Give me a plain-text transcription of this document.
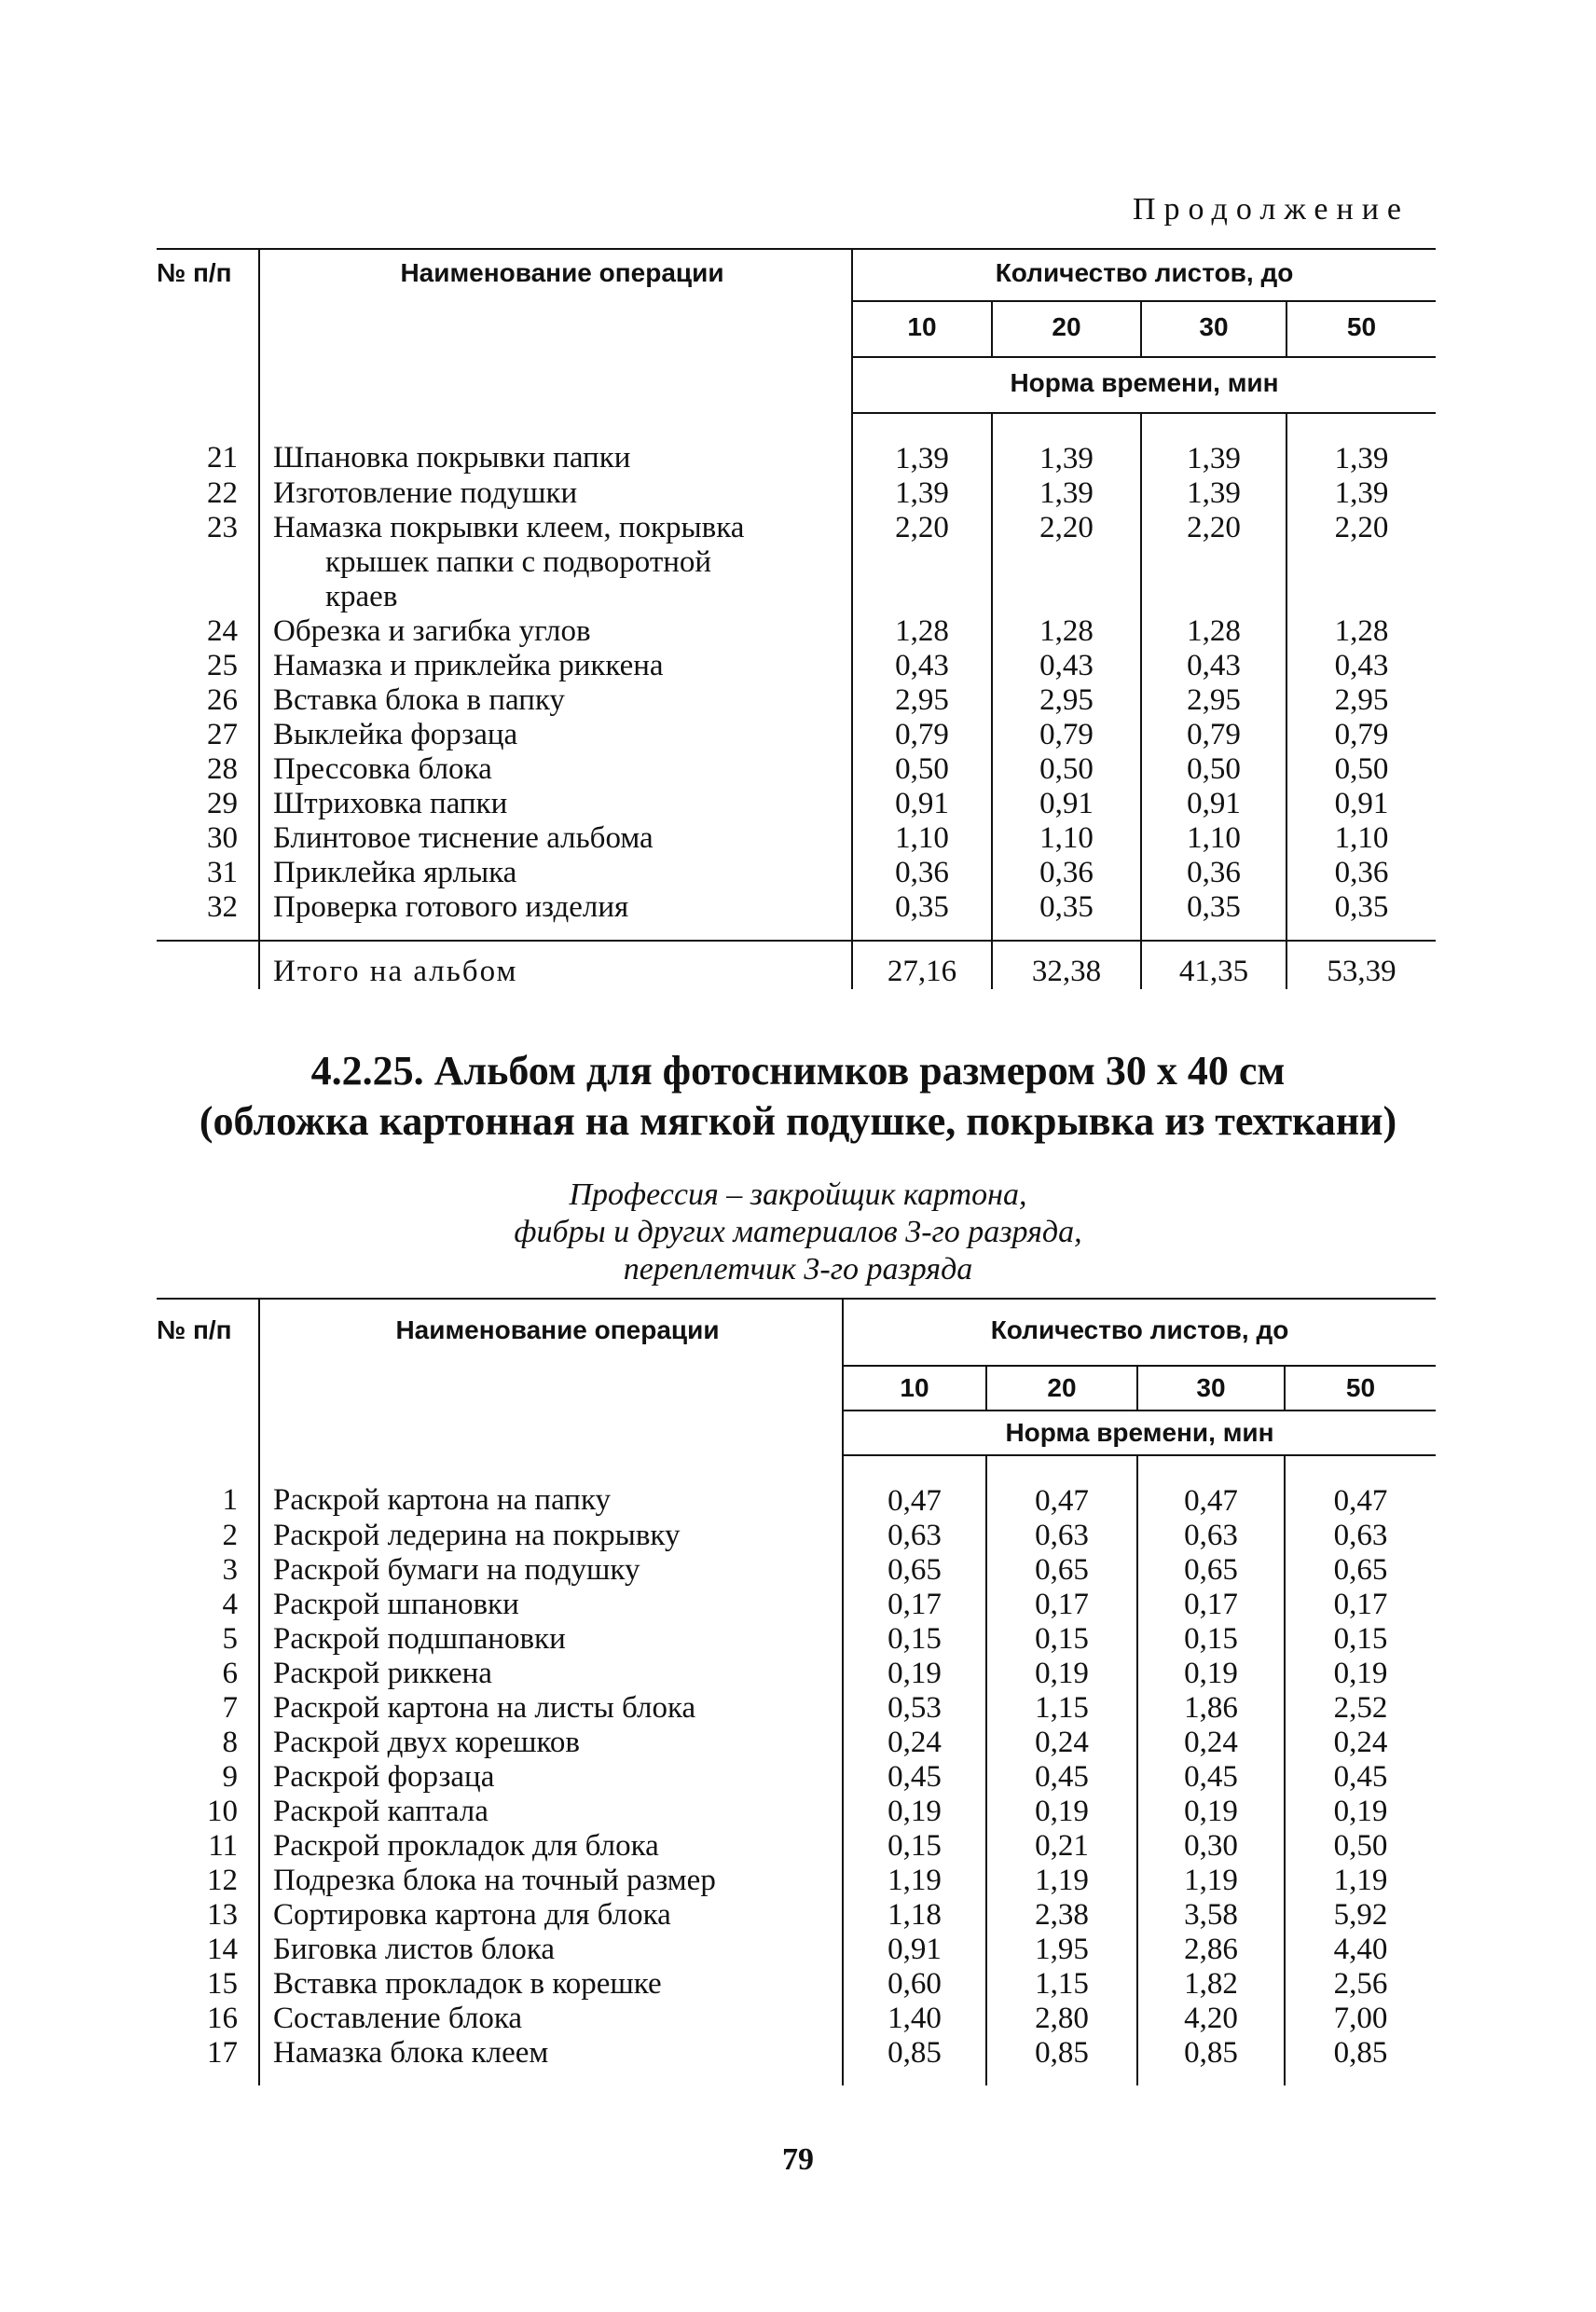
Продолжение
№ п/п	Наименование операции	Количество листов, до			
		10	20	30	50
		Норма времени, мин			
21	Шпановка покрывки папки	1,39	1,39	1,39	1,39
22	Изготовление подушки	1,39	1,39	1,39	1,39
23	Намазка покрывки клеем, покрывка
крышек папки с подворотной
краев	2,20	2,20	2,20	2,20
24	Обрезка и загибка углов	1,28	1,28	1,28	1,28
25	Намазка и приклейка риккена	0,43	0,43	0,43	0,43
26	Вставка блока в папку	2,95	2,95	2,95	2,95
27	Выклейка форзаца	0,79	0,79	0,79	0,79
28	Прессовка блока	0,50	0,50	0,50	0,50
29	Штриховка папки	0,91	0,91	0,91	0,91
30	Блинтовое тиснение альбома	1,10	1,10	1,10	1,10
31	Приклейка ярлыка	0,36	0,36	0,36	0,36
32	Проверка готового изделия	0,35	0,35	0,35	0,35
	Итого на альбом	27,16	32,38	41,35	53,39
4.2.25. Альбом для фотоснимков размером 30 х 40 см
(обложка картонная на мягкой подушке, покрывка из техткани)
Профессия – закройщик картона,
фибры и других материалов 3-го разряда,
переплетчик 3-го разряда
№ п/п	Наименование операции	Количество листов, до			
		10	20	30	50
		Норма времени, мин			
1	Раскрой картона на папку	0,47	0,47	0,47	0,47
2	Раскрой ледерина на покрывку	0,63	0,63	0,63	0,63
3	Раскрой бумаги на подушку	0,65	0,65	0,65	0,65
4	Раскрой шпановки	0,17	0,17	0,17	0,17
5	Раскрой подшпановки	0,15	0,15	0,15	0,15
6	Раскрой риккена	0,19	0,19	0,19	0,19
7	Раскрой картона на листы блока	0,53	1,15	1,86	2,52
8	Раскрой двух корешков	0,24	0,24	0,24	0,24
9	Раскрой форзаца	0,45	0,45	0,45	0,45
10	Раскрой каптала	0,19	0,19	0,19	0,19
11	Раскрой прокладок для блока	0,15	0,21	0,30	0,50
12	Подрезка блока на точный размер	1,19	1,19	1,19	1,19
13	Сортировка картона для блока	1,18	2,38	3,58	5,92
14	Биговка листов блока	0,91	1,95	2,86	4,40
15	Вставка прокладок в корешке	0,60	1,15	1,82	2,56
16	Составление блока	1,40	2,80	4,20	7,00
17	Намазка блока клеем	0,85	0,85	0,85	0,85
79
